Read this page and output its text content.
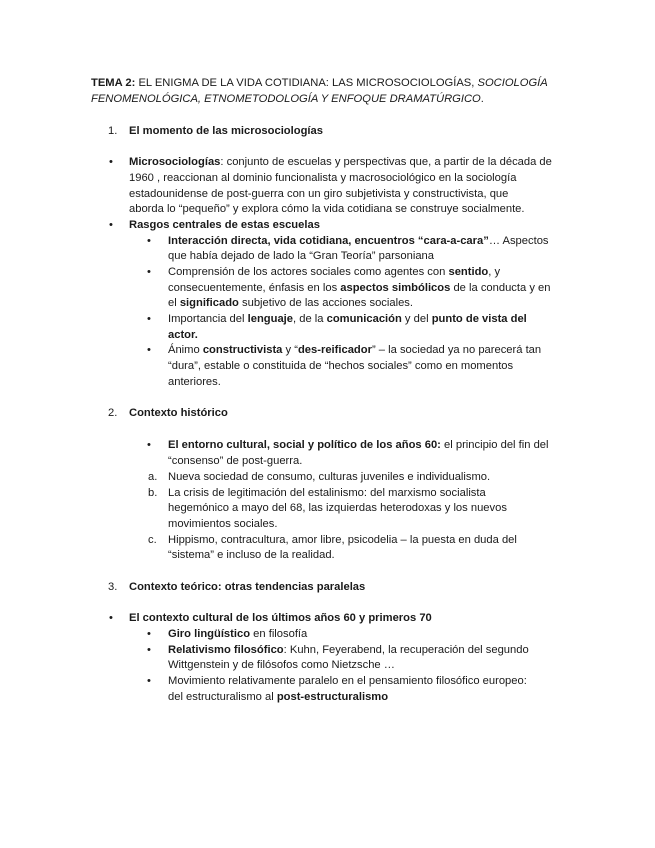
TEMA 2: EL ENIGMA DE LA VIDA COTIDIANA: LAS MICROSOCIOLOGÍAS, SOCIOLOGÍA
FENOMENOLÓGICA, ETNOMETODOLOGÍA Y ENFOQUE DRAMATÚRGICO.
1. El momento de las microsociologías
• Microsociologías: conjunto de escuelas y perspectivas que, a partir de la década de
1960 , reaccionan al dominio funcionalista y macrosociológico en la sociología
estadounidense de post-guerra con un giro subjetivista y constructivista, que
aborda lo “pequeño” y explora cómo la vida cotidiana se construye socialmente.
• Rasgos centrales de estas escuelas
• Interacción directa, vida cotidiana, encuentros “cara-a-cara”… Aspectos
que había dejado de lado la “Gran Teoría” parsoniana
• Comprensión de los actores sociales como agentes con sentido, y
consecuentemente, énfasis en los aspectos simbólicos de la conducta y en
el significado subjetivo de las acciones sociales.
• Importancia del lenguaje, de la comunicación y del punto de vista del
actor.
• Ánimo constructivista y “des-reificador” – la sociedad ya no parecerá tan
“dura”, estable o constituida de “hechos sociales” como en momentos
anteriores.
2. Contexto histórico
• El entorno cultural, social y político de los años 60: el principio del fin del
“consenso” de post-guerra.
a. Nueva sociedad de consumo, culturas juveniles e individualismo.
b. La crisis de legitimación del estalinismo: del marxismo socialista
hegemónico a mayo del 68, las izquierdas heterodoxas y los nuevos
movimientos sociales.
c. Hippismo, contracultura, amor libre, psicodelia – la puesta en duda del
“sistema” e incluso de la realidad.
3. Contexto teórico: otras tendencias paralelas
• El contexto cultural de los últimos años 60 y primeros 70
• Giro lingüístico en filosofía
• Relativismo filosófico: Kuhn, Feyerabend, la recuperación del segundo
Wittgenstein y de filósofos como Nietzsche …
• Movimiento relativamente paralelo en el pensamiento filosófico europeo:
del estructuralismo al post-estructuralismo
